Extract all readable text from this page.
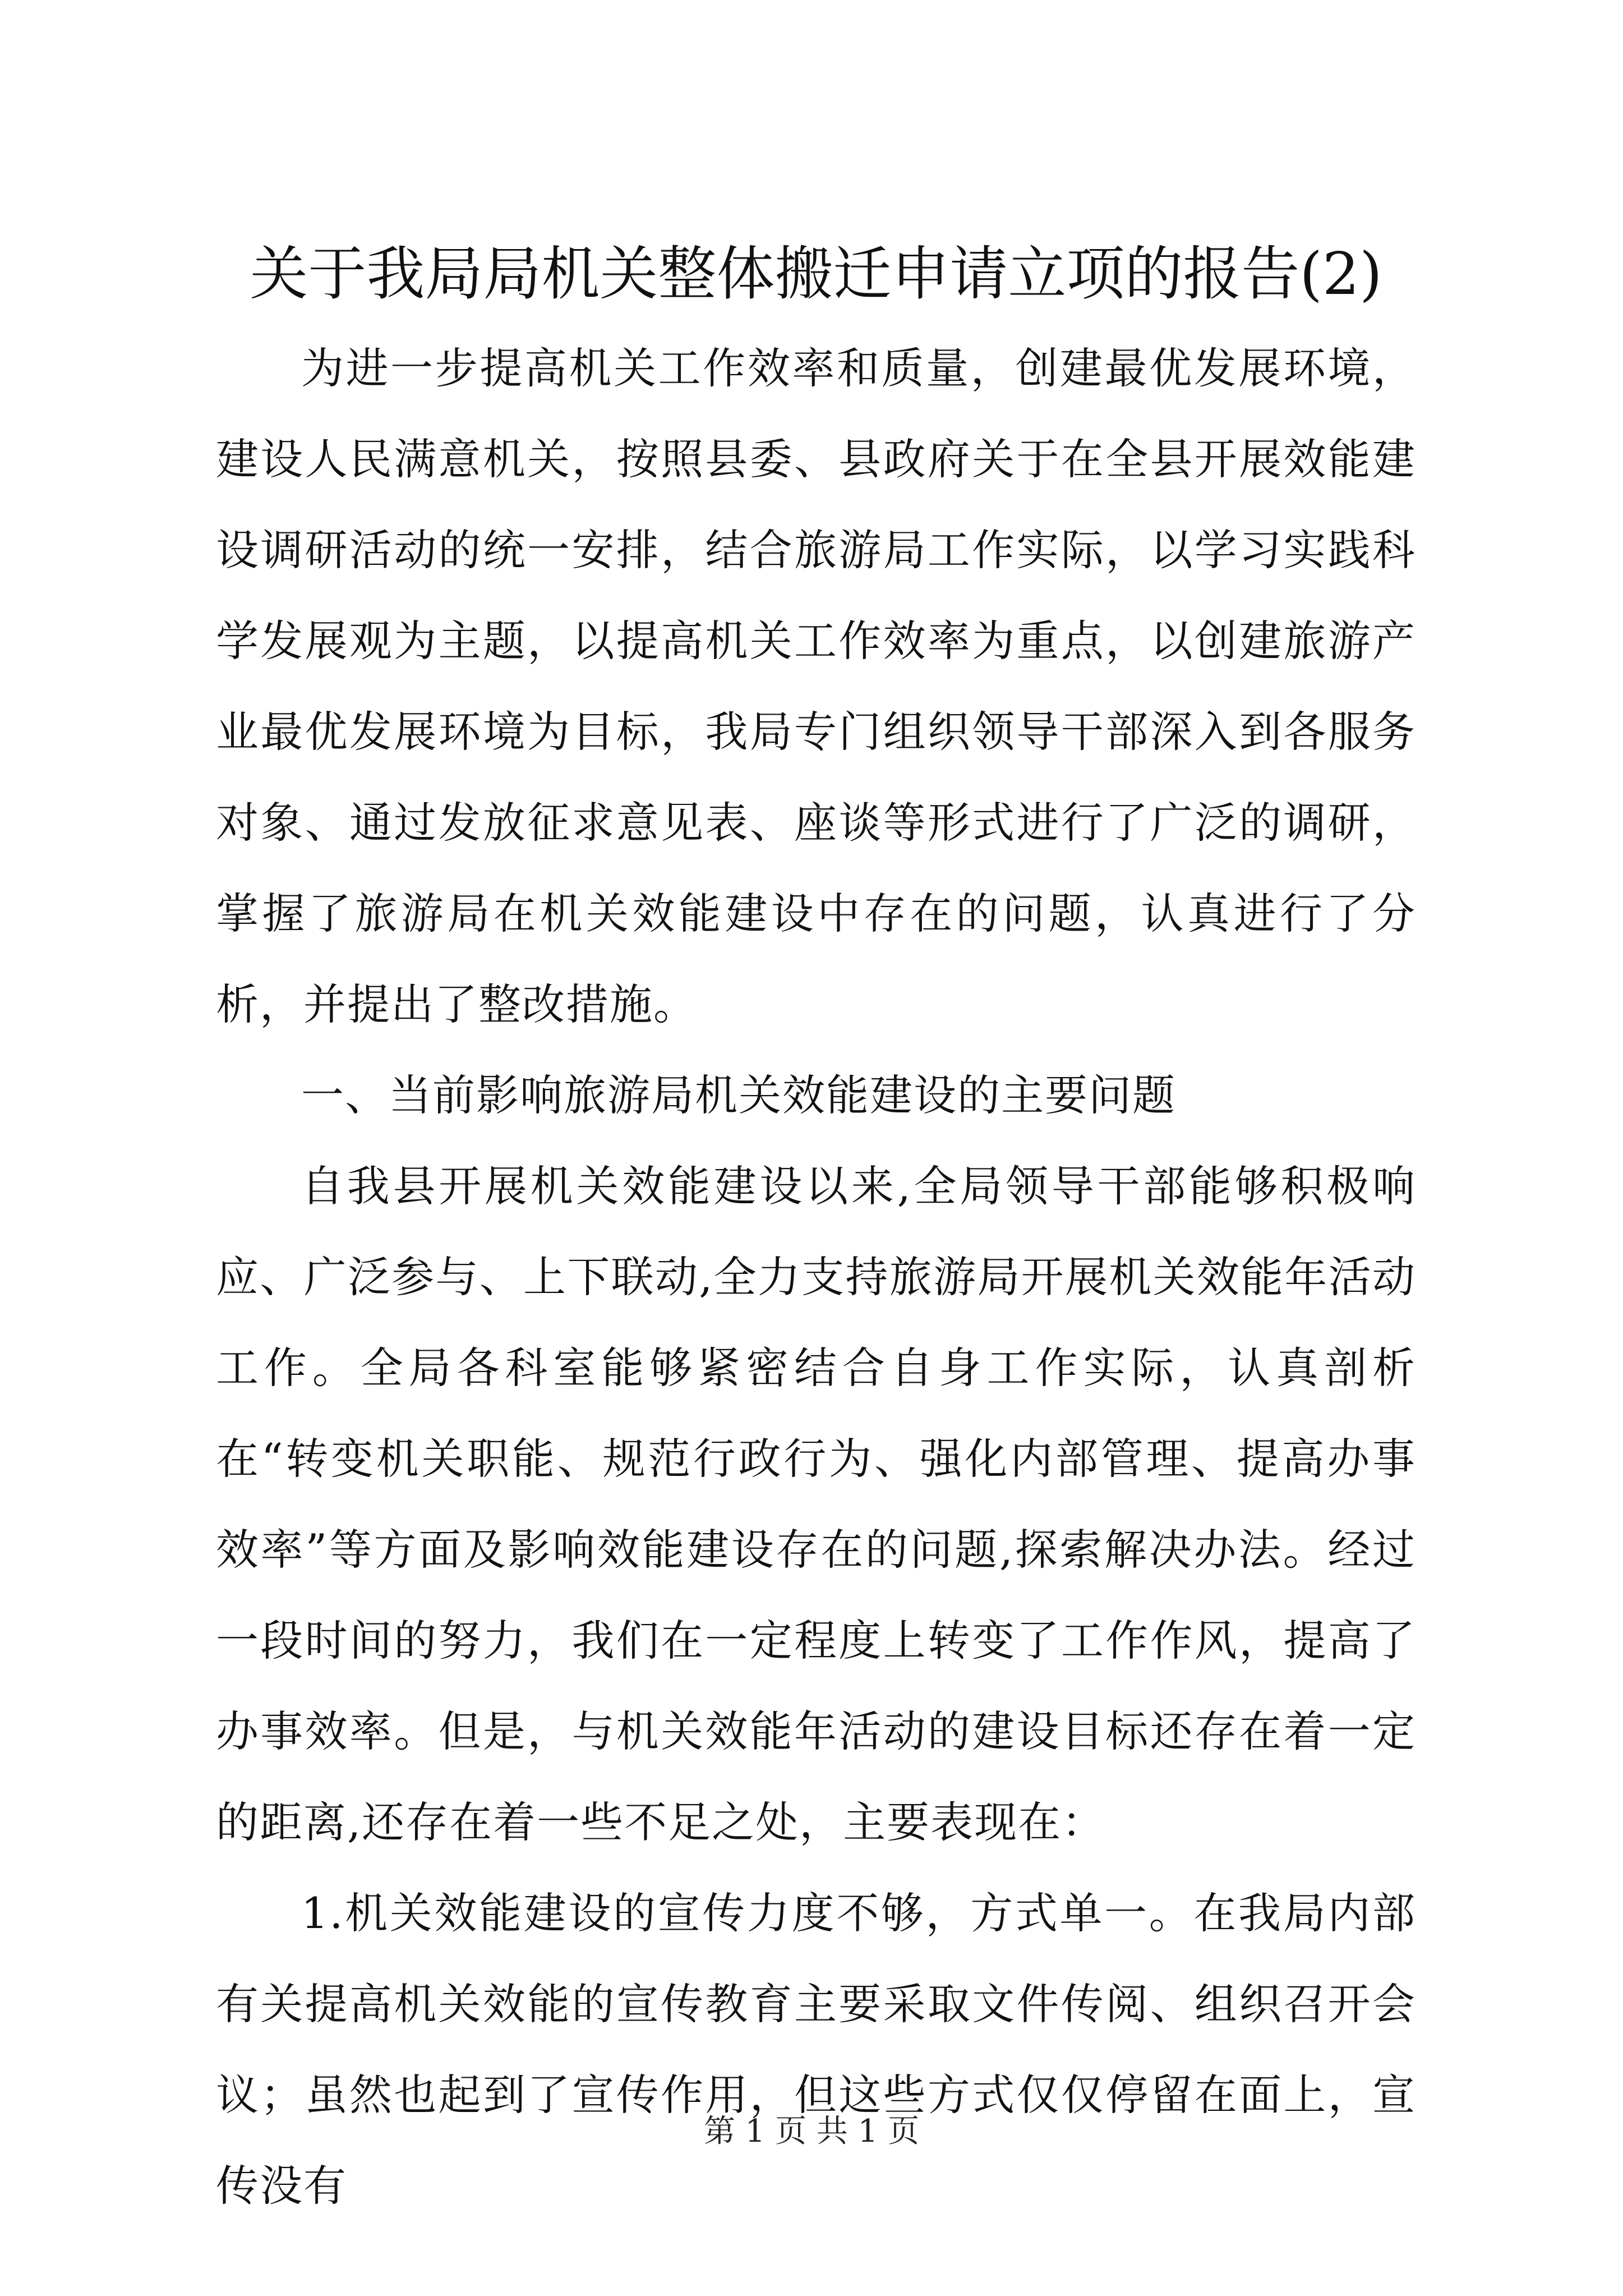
关于我局局机关整体搬迁申请立项的报告(2)

为进一步提高机关工作效率和质量，创建最优发展环境，建设人民满意机关，按照县委、县政府关于在全县开展效能建设调研活动的统一安排，结合旅游局工作实际，以学习实践科学发展观为主题，以提高机关工作效率为重点，以创建旅游产业最优发展环境为目标，我局专门组织领导干部深入到各服务对象、通过发放征求意见表、座谈等形式进行了广泛的调研，掌握了旅游局在机关效能建设中存在的问题，认真进行了分析，并提出了整改措施。

一、当前影响旅游局机关效能建设的主要问题

自我县开展机关效能建设以来,全局领导干部能够积极响应、广泛参与、上下联动,全力支持旅游局开展机关效能年活动工作。全局各科室能够紧密结合自身工作实际，认真剖析在“转变机关职能、规范行政行为、强化内部管理、提高办事效率”等方面及影响效能建设存在的问题,探索解决办法。经过一段时间的努力，我们在一定程度上转变了工作作风，提高了办事效率。但是，与机关效能年活动的建设目标还存在着一定的距离,还存在着一些不足之处，主要表现在：

1.机关效能建设的宣传力度不够，方式单一。在我局内部有关提高机关效能的宣传教育主要采取文件传阅、组织召开会议；虽然也起到了宣传作用，但这些方式仅仅停留在面上，宣传没有

第 1 页 共 1 页
